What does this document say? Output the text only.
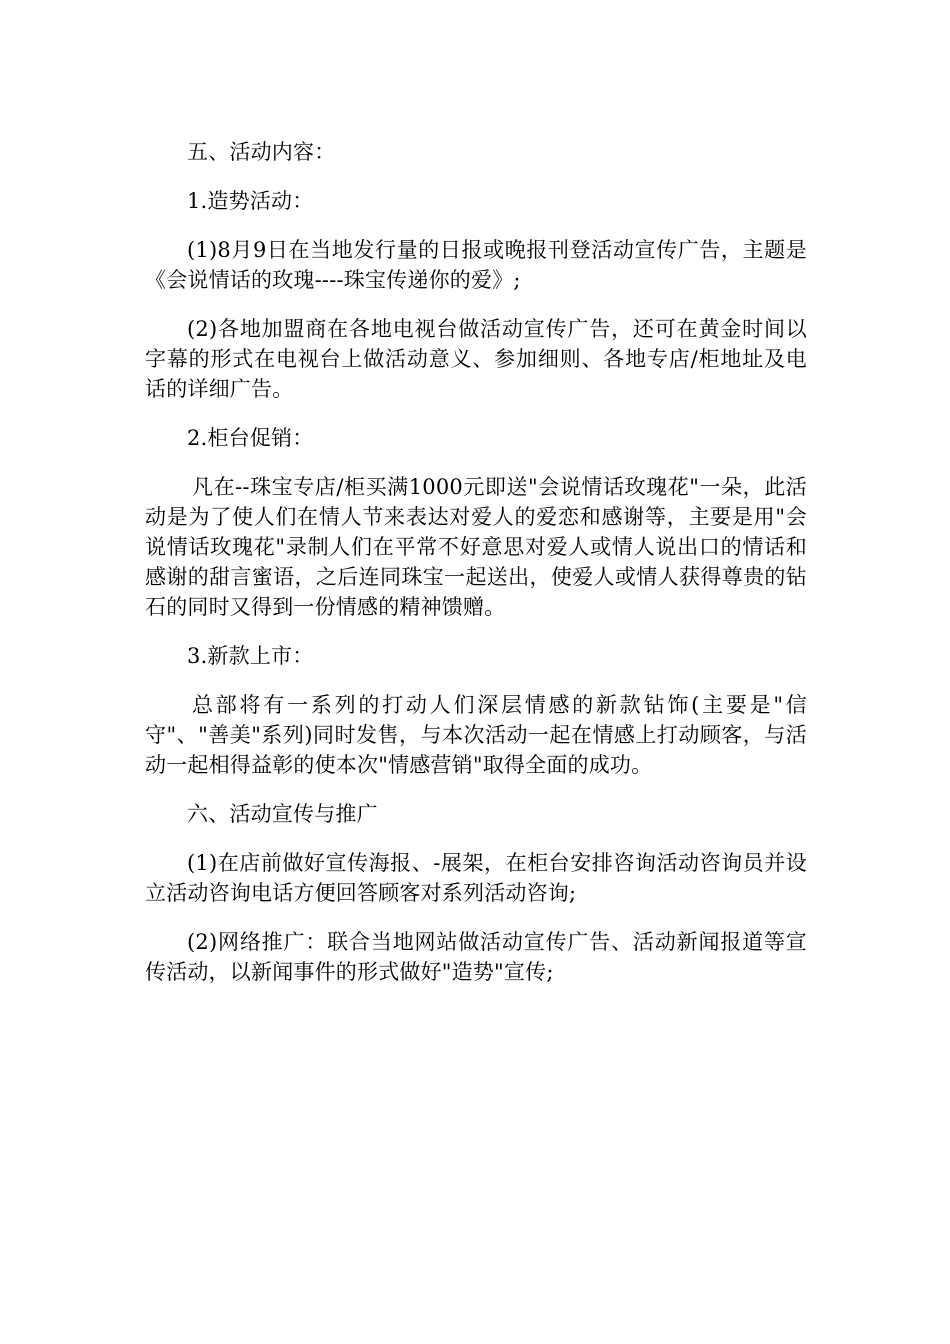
五、活动内容：

1.造势活动：

(1)8月9日在当地发行量的日报或晚报刊登活动宣传广告，主题是《会说情话的玫瑰----珠宝传递你的爱》;

(2)各地加盟商在各地电视台做活动宣传广告，还可在黄金时间以字幕的形式在电视台上做活动意义、参加细则、各地专店/柜地址及电话的详细广告。

2.柜台促销：

凡在--珠宝专店/柜买满1000元即送"会说情话玫瑰花"一朵，此活动是为了使人们在情人节来表达对爱人的爱恋和感谢等，主要是用"会说情话玫瑰花"录制人们在平常不好意思对爱人或情人说出口的情话和感谢的甜言蜜语，之后连同珠宝一起送出，使爱人或情人获得尊贵的钻石的同时又得到一份情感的精神馈赠。

3.新款上市：

总部将有一系列的打动人们深层情感的新款钻饰(主要是"信守"、"善美"系列)同时发售，与本次活动一起在情感上打动顾客，与活动一起相得益彰的使本次"情感营销"取得全面的成功。

六、活动宣传与推广

(1)在店前做好宣传海报、-展架，在柜台安排咨询活动咨询员并设立活动咨询电话方便回答顾客对系列活动咨询;

(2)网络推广：联合当地网站做活动宣传广告、活动新闻报道等宣传活动，以新闻事件的形式做好"造势"宣传;
